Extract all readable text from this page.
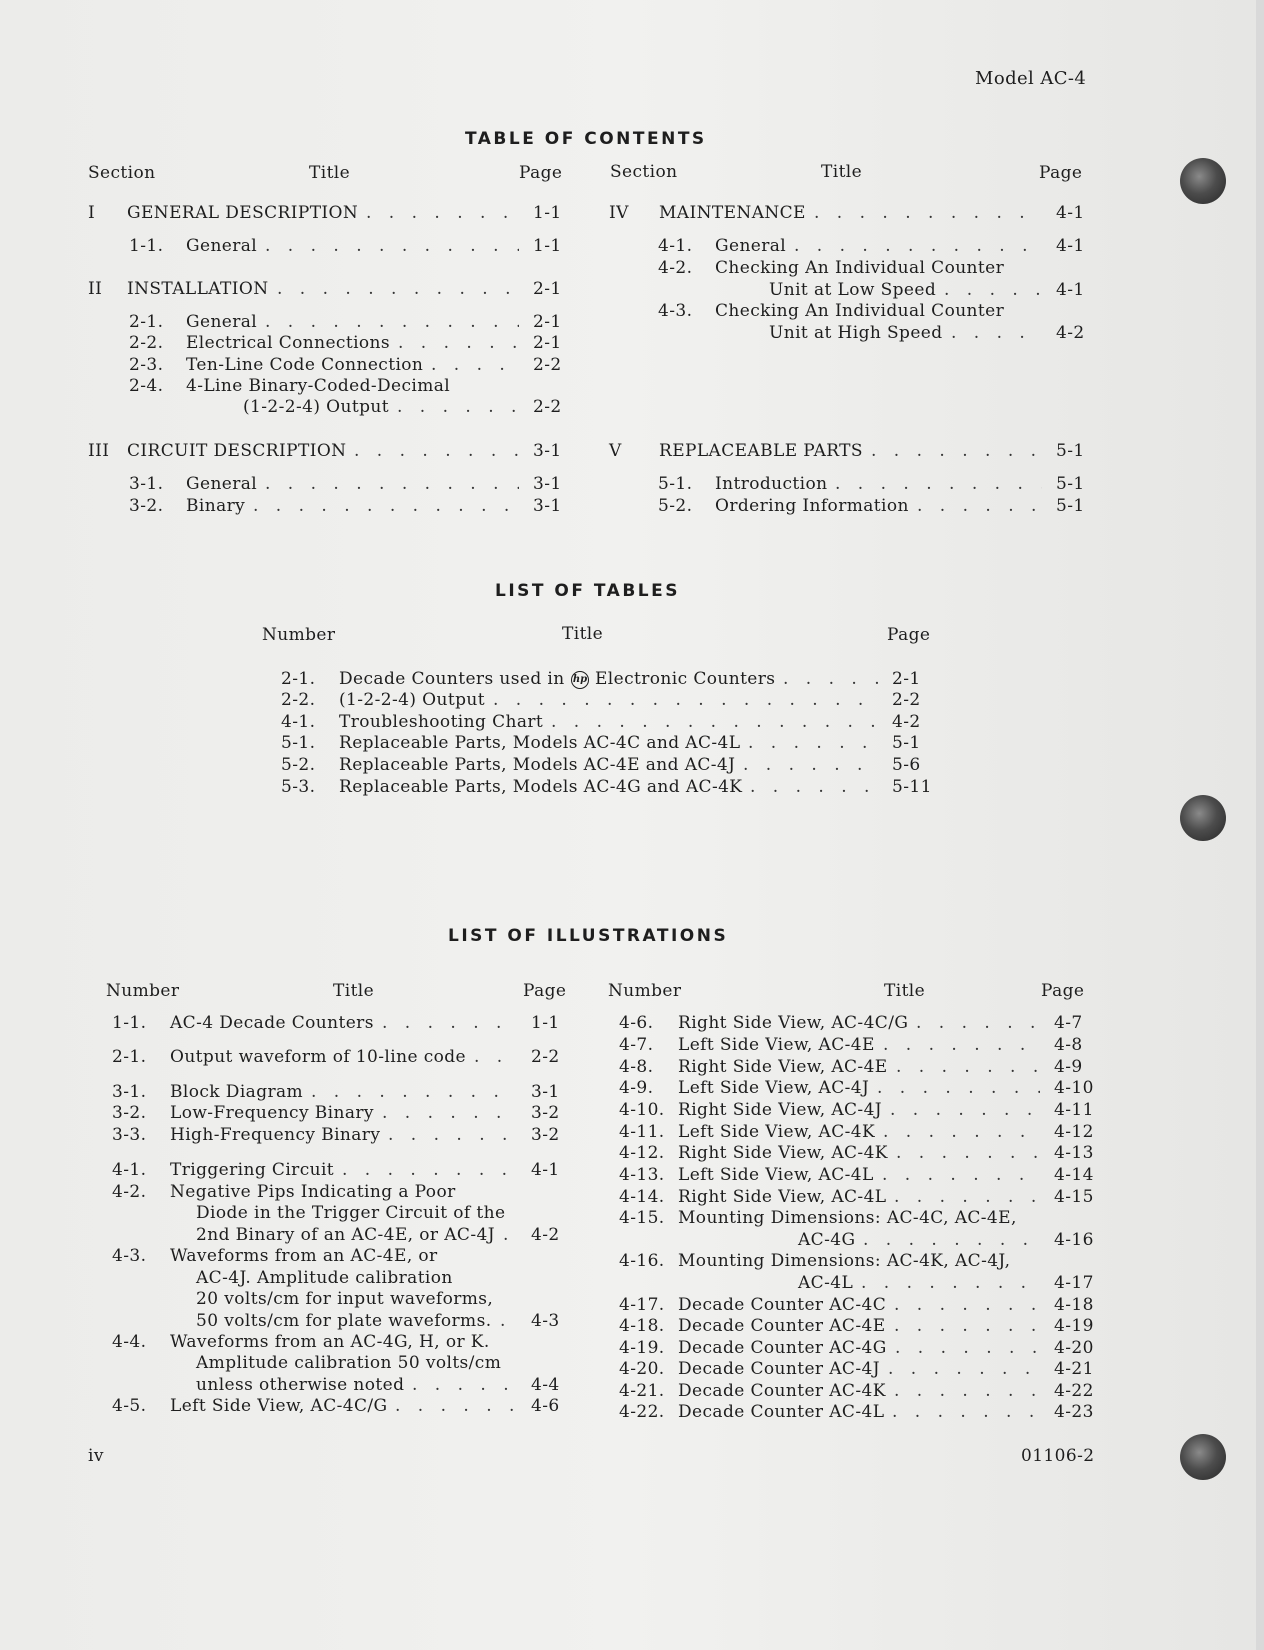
Model AC-4
TABLE OF CONTENTS
Section	Title	Page	Section	Title	Page
I GENERAL DESCRIPTION	1-1
. . .
1-1. General	1-1
. . .
II INSTALLATION	2-1
. . .
2-1. General	2-1
. . .
2-2. Electrical Connections	2-1
. . .
2-3. Ten-Line Code Connection	2-2
. . .
2-4. 4-Line Binary-Coded-Decimal
(1-2-2-4) Output	2-2
. . .
III CIRCUIT DESCRIPTION	3-1
. . .
3-1. General	3-1
. . .
3-2. Binary	3-1
. . .
IV MAINTENANCE	4-1
. . .
4-1. General	4-1
. . .
4-2. Checking An Individual Counter
Unit at Low Speed	4-1
. . .
4-3. Checking An Individual Counter
Unit at High Speed	4-2
. . .
V REPLACEABLE PARTS	5-1
. . .
5-1. Introduction	5-1
. . .
5-2. Ordering Information	5-1
. . .
LIST OF TABLES
Number	Title	Page
2-1. Decade Counters used in hp Electronic Counters	2-1
. . .
2-2. (1-2-2-4) Output	2-2
. . .
4-1. Troubleshooting Chart	4-2
. . .
5-1. Replaceable Parts, Models AC-4C and AC-4L	5-1
. . .
5-2. Replaceable Parts, Models AC-4E and AC-4J	5-6
. . .
5-3. Replaceable Parts, Models AC-4G and AC-4K	5-11
. . .
LIST OF ILLUSTRATIONS
Number	Title	Page Number	Title	Page
1-1. AC-4 Decade Counters	1-1
. . .
2-1. Output waveform of 10-line code	2-2
. . .
3-1. Block Diagram	3-1
. . .
3-2. Low-Frequency Binary	3-2
. . .
3-3. High-Frequency Binary	3-2
. . .
4-1. Triggering Circuit	4-1
. . .
4-2. Negative Pips Indicating a Poor
Diode in the Trigger Circuit of the
2nd Binary of an AC-4E, or AC-4J 4-2
. . .
4-3. Waveforms from an AC-4E, or
AC-4J. Amplitude calibration
20 volts/cm for input waveforms,
50 volts/cm for plate waveforms. 4-3
. . .
4-4. Waveforms from an AC-4G, H, or K.
Amplitude calibration 50 volts/cm
unless otherwise noted	4-4
. . .
4-5. Left Side View, AC-4C/G	4-6
. . .
4-6. Right Side View, AC-4C/G	4-7
. . .
4-7. Left Side View, AC-4E	4-8
. . .
4-8. Right Side View, AC-4E	4-9
. . .
4-9. Left Side View, AC-4J	4-10
. . .
4-10. Right Side View, AC-4J	4-11
. . .
4-11. Left Side View, AC-4K	4-12
. . .
4-12. Right Side View, AC-4K	4-13
. . .
4-13. Left Side View, AC-4L	4-14
. . .
4-14. Right Side View, AC-4L	4-15
. . .
4-15. Mounting Dimensions: AC-4C, AC-4E,
AC-4G	4-16
. . .
4-16. Mounting Dimensions: AC-4K, AC-4J,
AC-4L	4-17
. . .
4-17. Decade Counter AC-4C	4-18
. . .
4-18. Decade Counter AC-4E	4-19
. . .
4-19. Decade Counter AC-4G	4-20
. . .
4-20. Decade Counter AC-4J	4-21
. . .
4-21. Decade Counter AC-4K	4-22
. . .
4-22. Decade Counter AC-4L	4-23
. . .
iv	01106-2
